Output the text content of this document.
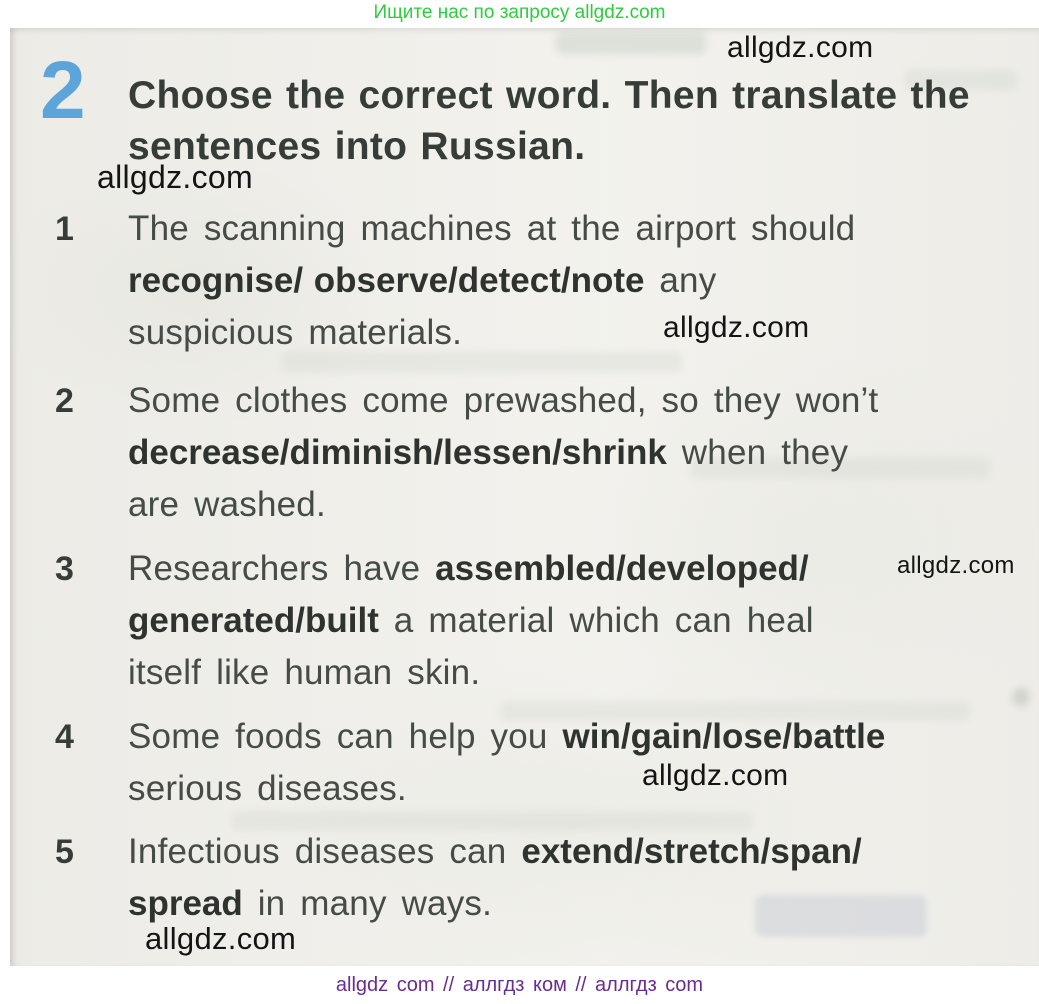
Ищите нас по запросу allgdz.com
allgdz.com
allgdz.com
allgdz.com
allgdz.com
allgdz.com
allgdz.com
2 Choose the correct word. Then translate the sentences into Russian.
1	The scanning machines at the airport should
recognise/ observe/detect/note any
suspicious materials.
2	Some clothes come prewashed, so they won’t
decrease/diminish/lessen/shrink when they
are washed.
3	Researchers have assembled/developed/
generated/built a material which can heal
itself like human skin.
4	Some foods can help you win/gain/lose/battle
serious diseases.
5	Infectious diseases can extend/stretch/span/
spread in many ways.
allgdz com // аллгдз ком // аллгдз com
